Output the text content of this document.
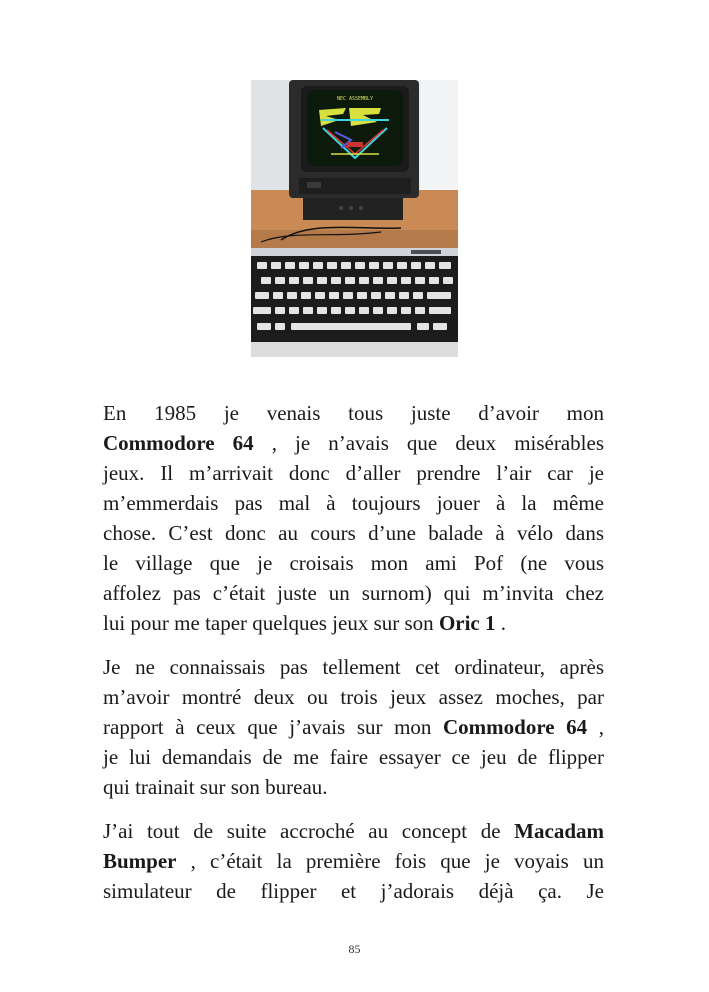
NEC ASSEMBLY

En 1985 je venais tous juste d’avoir mon
Commodore 64 , je n’avais que deux misérables
jeux. Il m’arrivait donc d’aller prendre l’air car je
m’emmerdais pas mal à toujours jouer à la même
chose. C’est donc au cours d’une balade à vélo dans
le village que je croisais mon ami Pof (ne vous
affolez pas c’était juste un surnom) qui m’invita chez
lui pour me taper quelques jeux sur son Oric 1 .

Je ne connaissais pas tellement cet ordinateur, après
m’avoir montré deux ou trois jeux assez moches, par
rapport à ceux que j’avais sur mon Commodore 64 ,
je lui demandais de me faire essayer ce jeu de flipper
qui trainait sur son bureau.

J’ai tout de suite accroché au concept de Macadam
Bumper , c’était la première fois que je voyais un
simulateur de flipper et j’adorais déjà ça. Je

85
